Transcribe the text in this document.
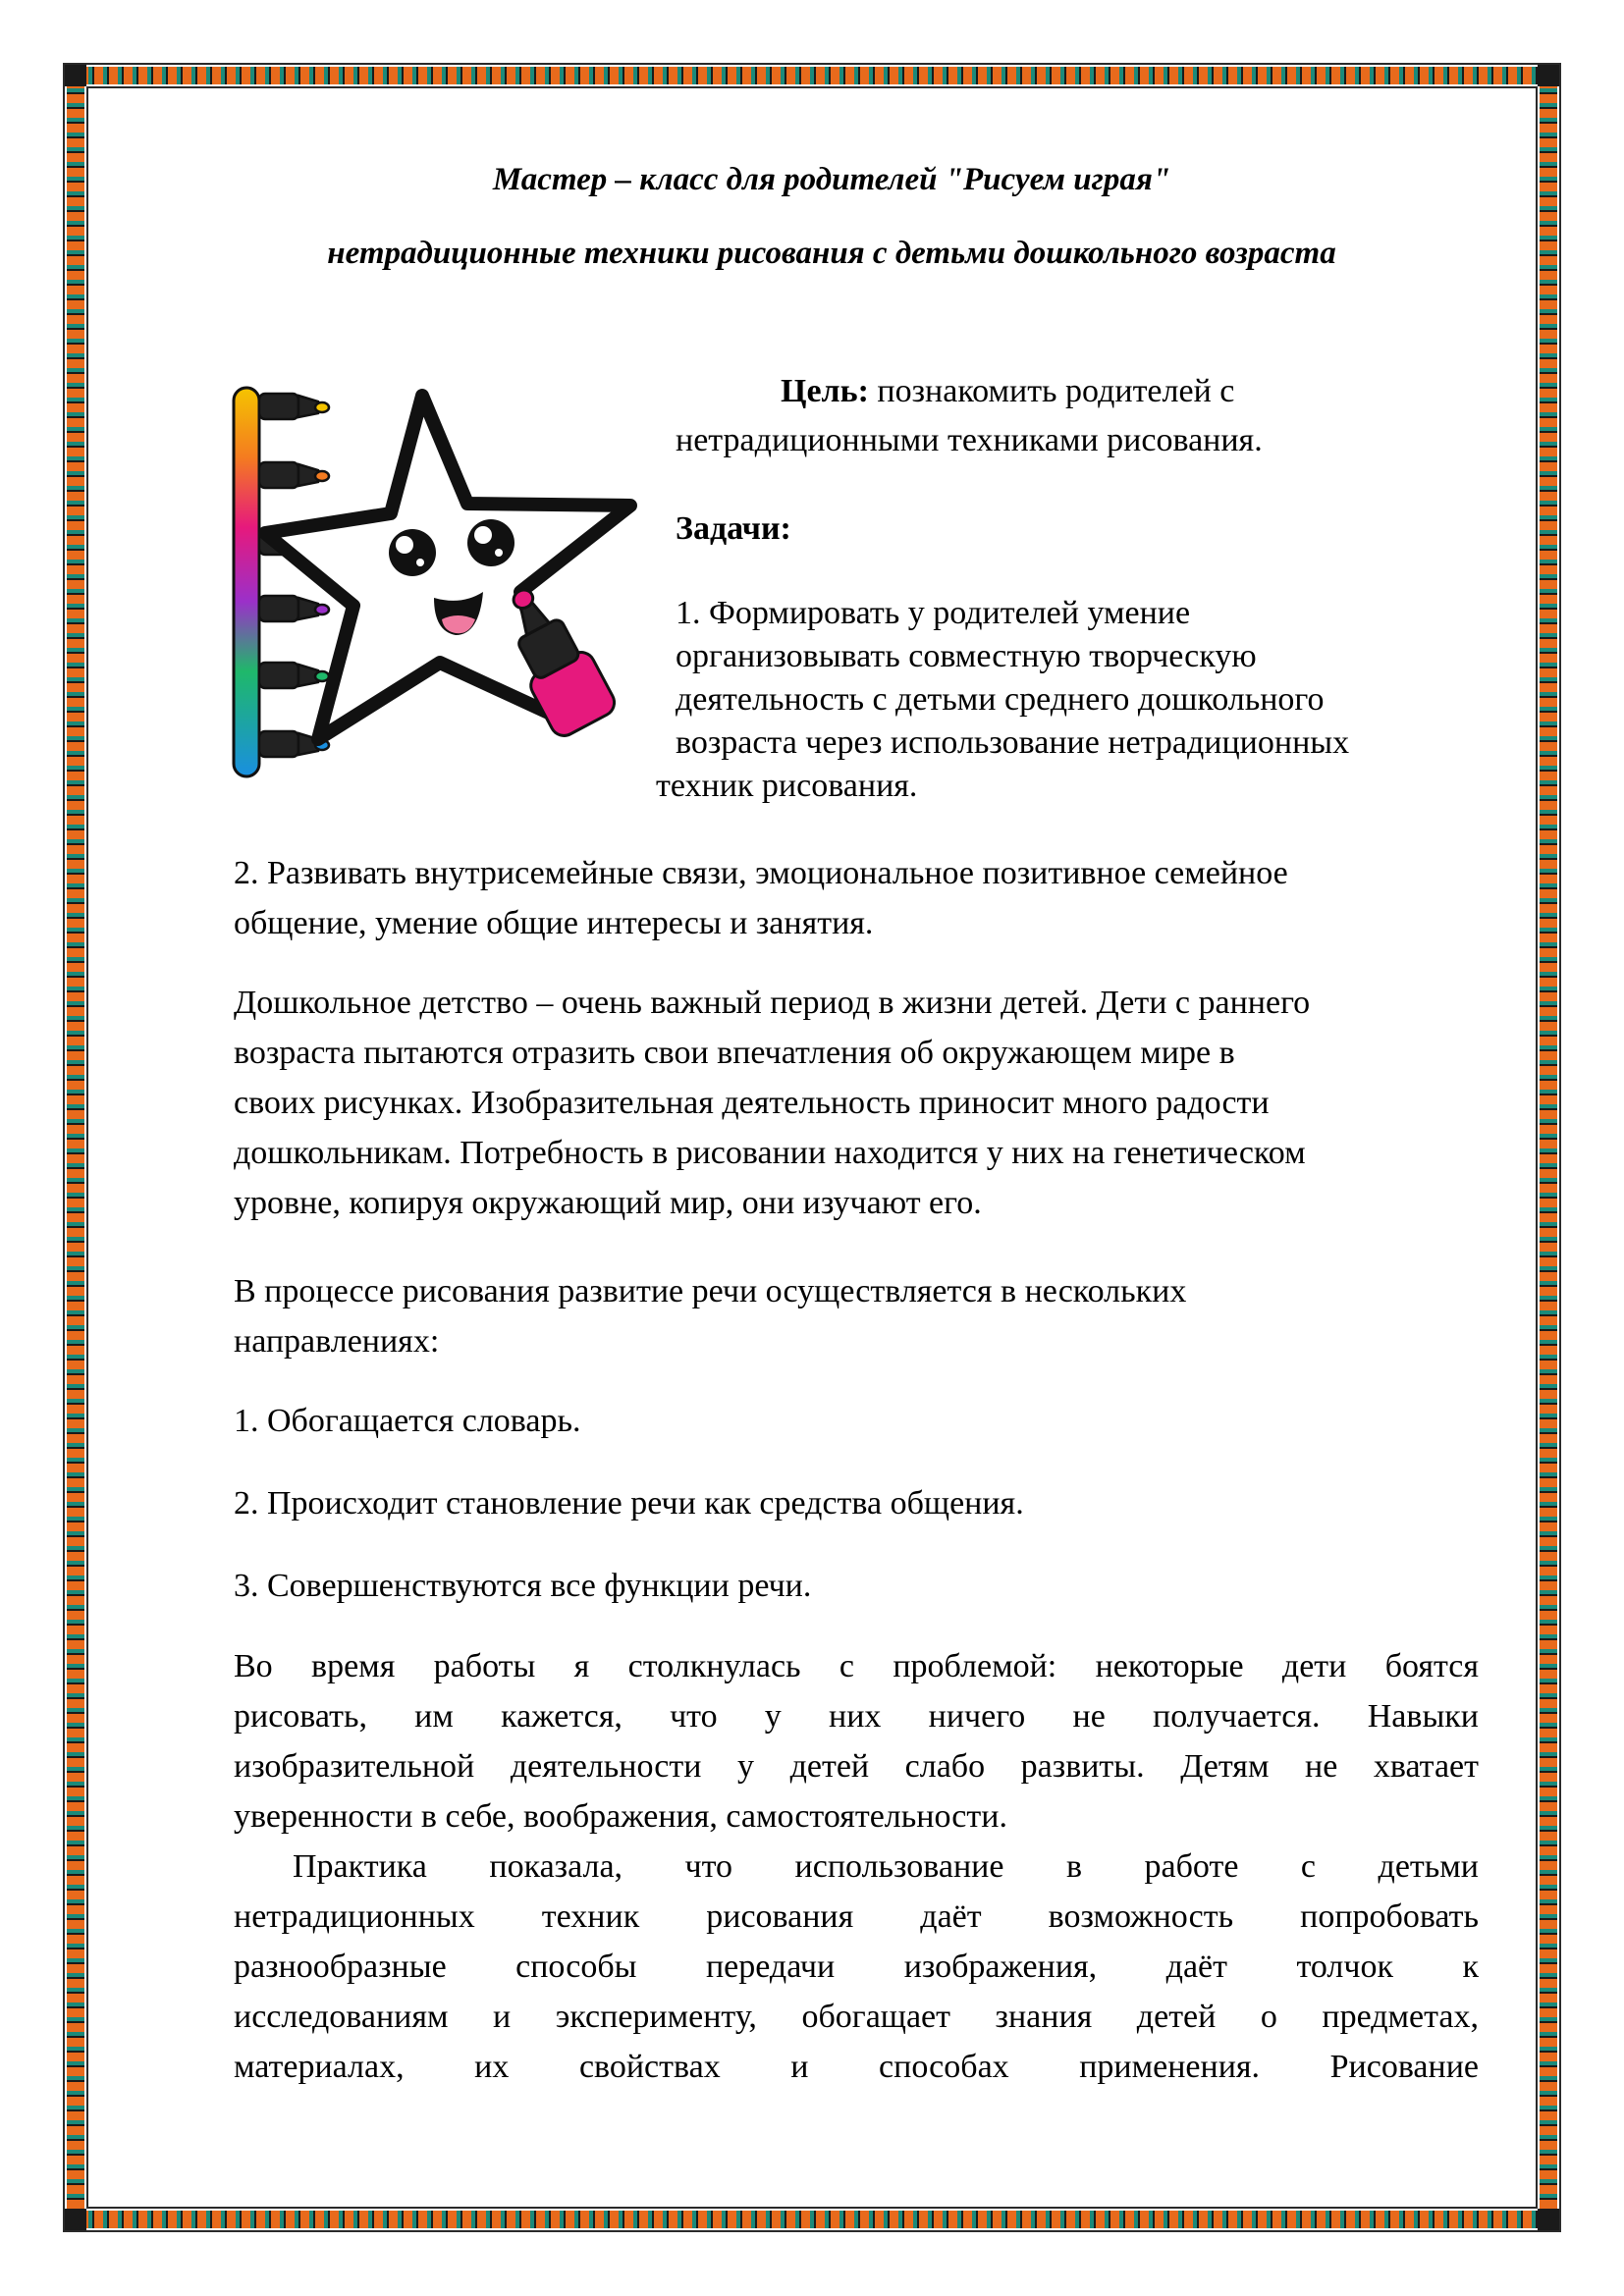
Мастер – класс для родителей "Рисуем играя"
нетрадиционные техники рисования с детьми дошкольного возраста
Цель: познакомить родителей с
нетрадиционными техниками рисования.
Задачи:
1. Формировать у родителей умение
организовывать совместную творческую
деятельность с детьми среднего дошкольного
возраста через использование нетрадиционных
техник рисования.

2. Развивать внутрисемейные связи, эмоциональное позитивное семейное

общение, умение общие интересы и занятия.

Дошкольное детство – очень важный период в жизни детей. Дети с раннего

возраста пытаются отразить свои впечатления об окружающем мире в

своих рисунках. Изобразительная деятельность приносит много радости

дошкольникам. Потребность в рисовании находится у них на генетическом

уровне, копируя окружающий мир, они изучают его.

В процессе рисования развитие речи осуществляется в нескольких

направлениях:

1. Обогащается словарь.
2. Происходит становление речи как средства общения.
3. Совершенствуются все функции речи.

Во время работы я столкнулась с проблемой: некоторые дети боятся

рисовать, им кажется, что у них ничего не получается. Навыки

изобразительной деятельности у детей слабо развиты. Детям не хватает

уверенности в себе, воображения, самостоятельности.

Практика показала, что использование в работе с детьми

нетрадиционных техник рисования даёт возможность попробовать

разнообразные способы передачи изображения, даёт толчок к

исследованиям и эксперименту, обогащает знания детей о предметах,

материалах, их свойствах и способах применения. Рисование
